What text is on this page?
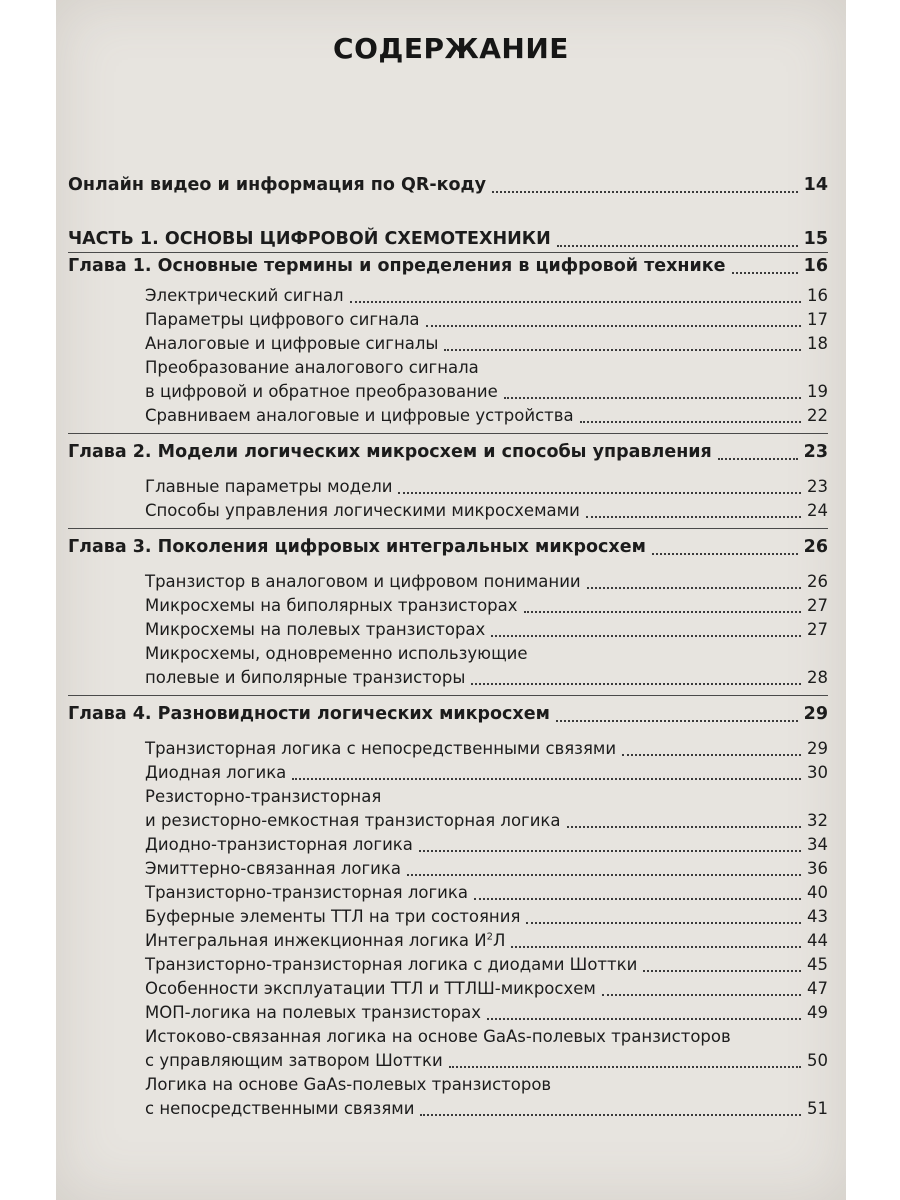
СОДЕРЖАНИЕ
Онлайн видео и информация по QR-коду	14
ЧАСТЬ 1. ОСНОВЫ ЦИФРОВОЙ СХЕМОТЕХНИКИ	15
Глава 1. Основные термины и определения в цифровой технике	16
Электрический сигнал	16
Параметры цифрового сигнала	17
Аналоговые и цифровые сигналы	18
Преобразование аналогового сигнала
в цифровой и обратное преобразование	19
Сравниваем аналоговые и цифровые устройства	22
Глава 2. Модели логических микросхем и способы управления	23
Главные параметры модели	23
Способы управления логическими микросхемами	24
Глава 3. Поколения цифровых интегральных микросхем	26
Транзистор в аналоговом и цифровом понимании	26
Микросхемы на биполярных транзисторах	27
Микросхемы на полевых транзисторах	27
Микросхемы, одновременно использующие
полевые и биполярные транзисторы	28
Глава 4. Разновидности логических микросхем	29
Транзисторная логика с непосредственными связями	29
Диодная логика	30
Резисторно-транзисторная
и резисторно-емкостная транзисторная логика	32
Диодно-транзисторная логика	34
Эмиттерно-связанная логика	36
Транзисторно-транзисторная логика	40
Буферные элементы ТТЛ на три состояния	43
Интегральная инжекционная логика $И^2Л$	44
Транзисторно-транзисторная логика с диодами Шоттки	45
Особенности эксплуатации ТТЛ и ТТЛШ-микросхем	47
МОП-логика на полевых транзисторах	49
Истоково-связанная логика на основе GaAs-полевых транзисторов
с управляющим затвором Шоттки	50
Логика на основе GaAs-полевых транзисторов
с непосредственными связями	51
